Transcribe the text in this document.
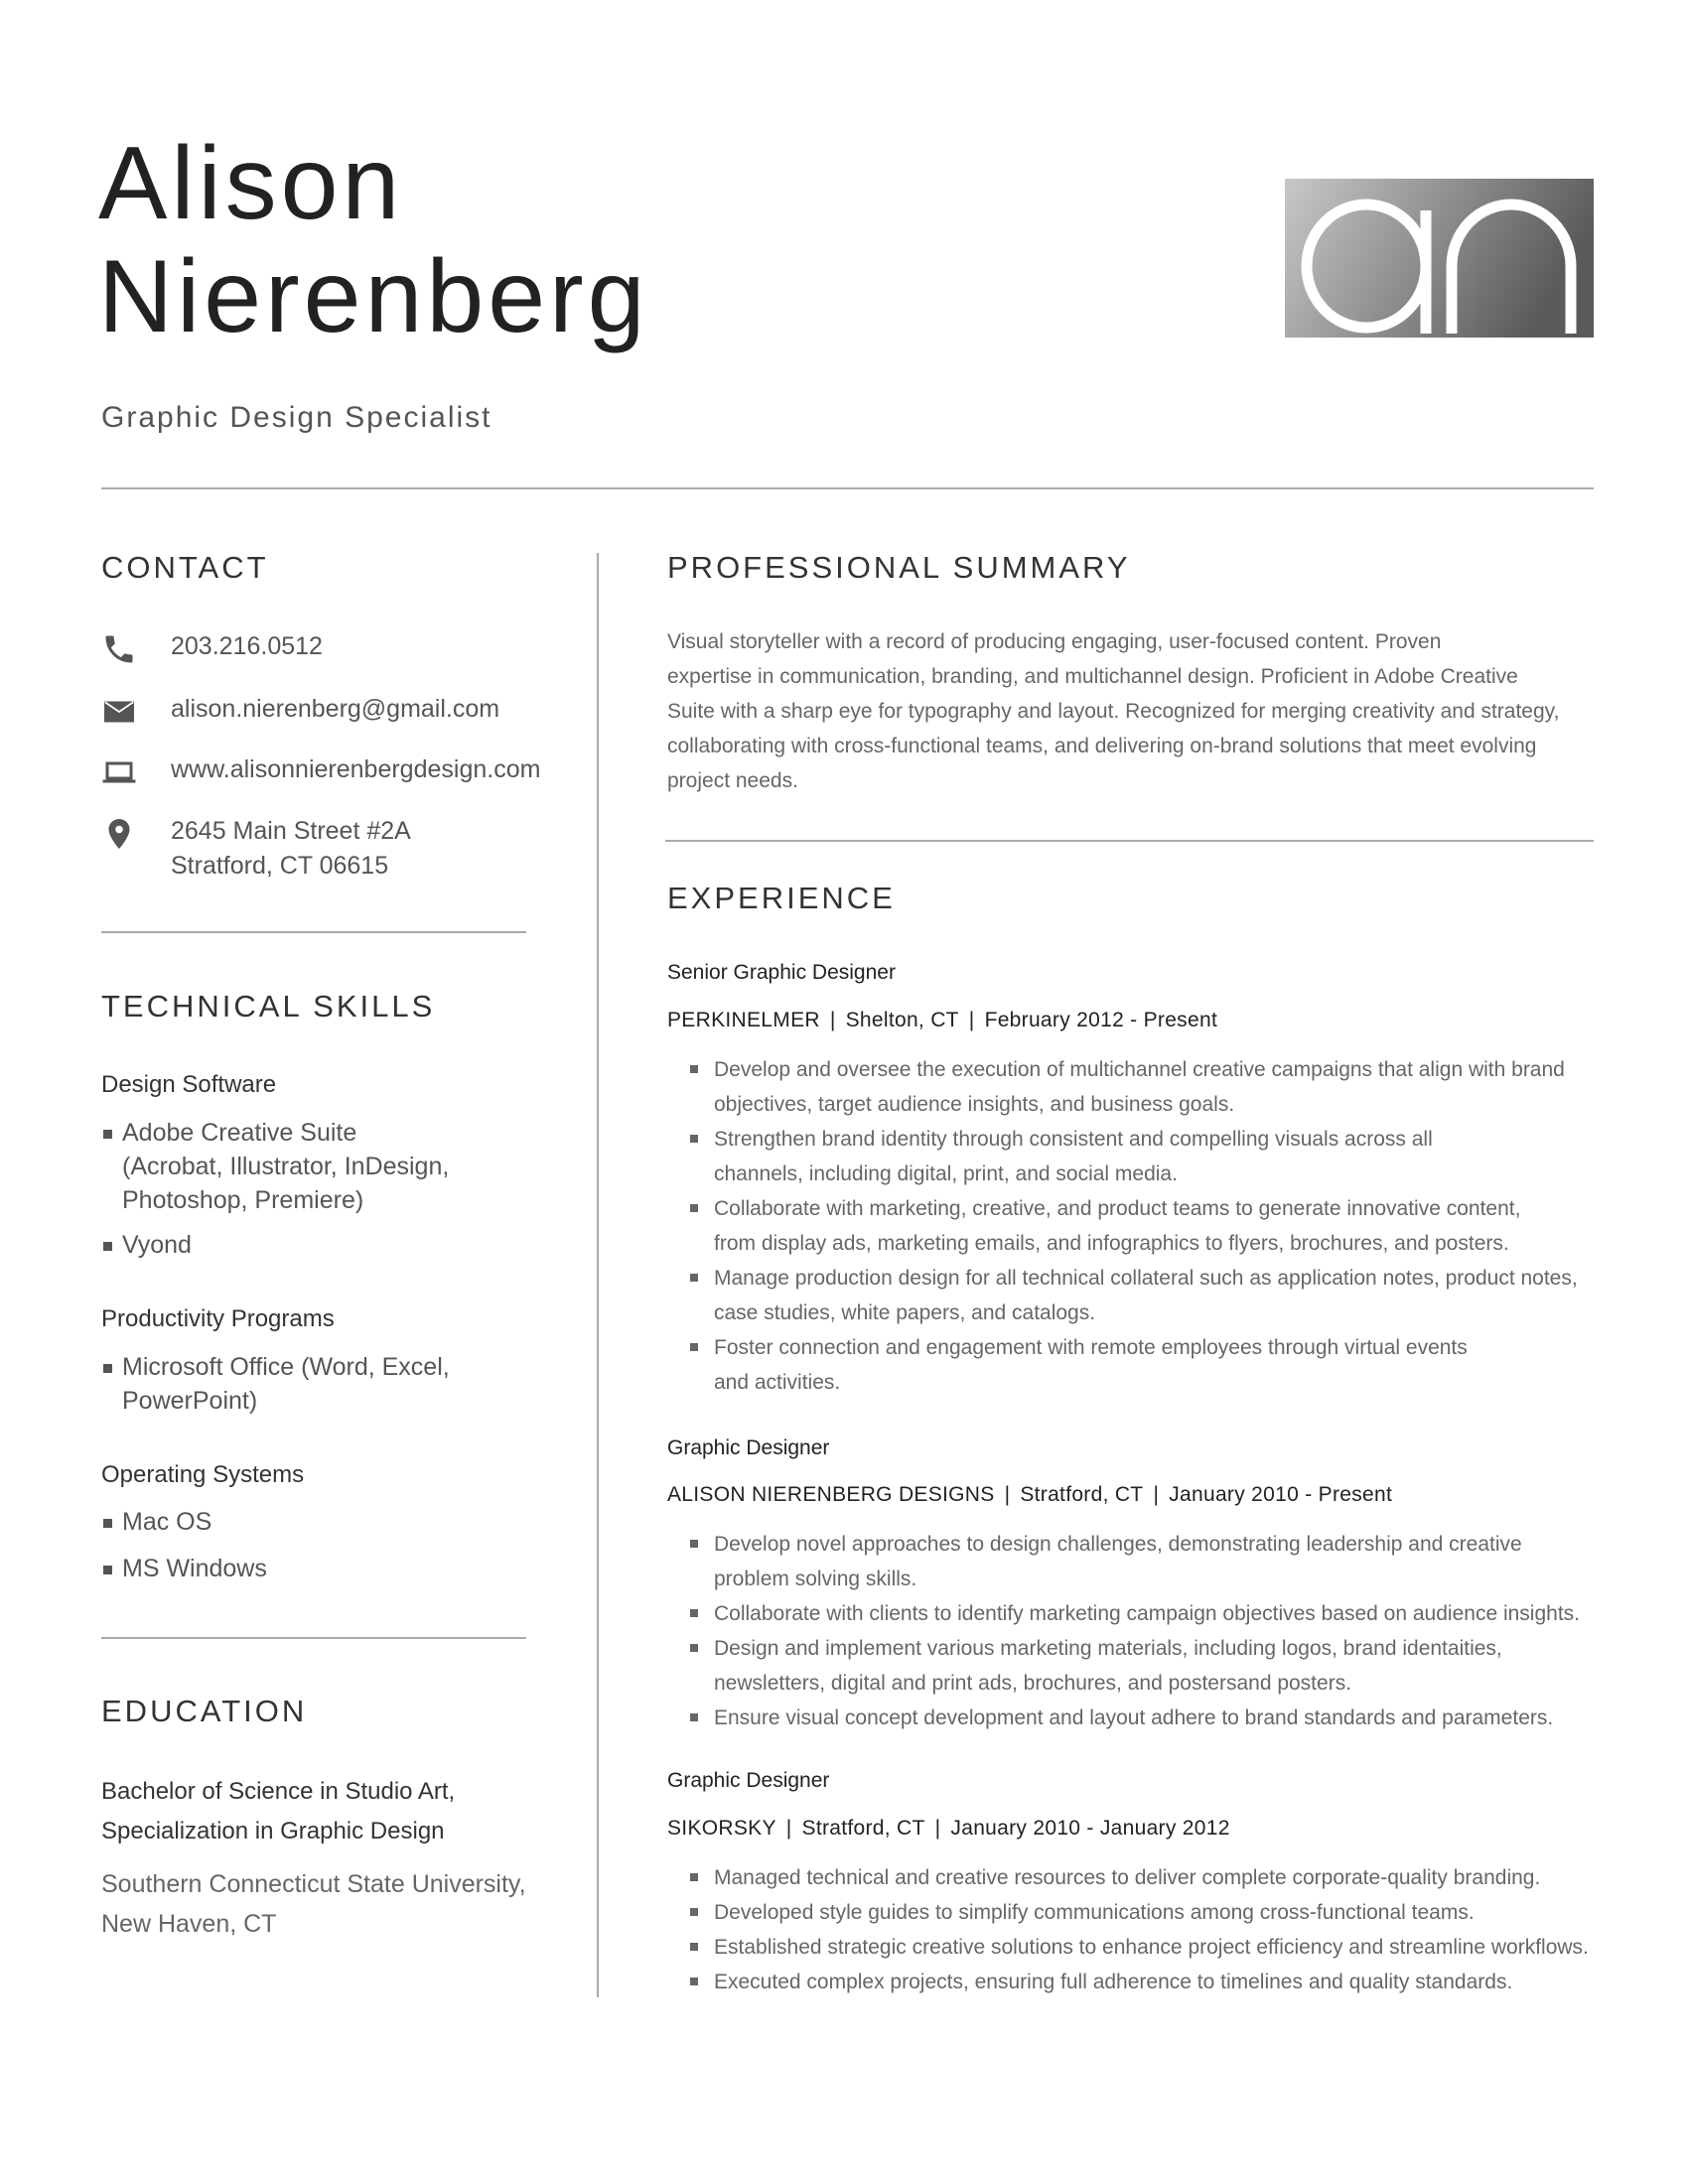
Alison
Nierenberg
Graphic Design Specialist
CONTACT
203.216.0512
alison.nierenberg@gmail.com
www.alisonnierenbergdesign.com
2645 Main Street #2A
Stratford, CT 06615
TECHNICAL SKILLS
Design Software
Adobe Creative Suite
(Acrobat, Illustrator, InDesign,
Photoshop, Premiere)
Vyond
Productivity Programs
Microsoft Office (Word, Excel,
PowerPoint)
Operating Systems
Mac OS
MS Windows
EDUCATION
Bachelor of Science in Studio Art,
Specialization in Graphic Design
Southern Connecticut State University,
New Haven, CT
PROFESSIONAL SUMMARY
Visual storyteller with a record of producing engaging, user-focused content. Proven
expertise in communication, branding, and multichannel design. Proficient in Adobe Creative
Suite with a sharp eye for typography and layout. Recognized for merging creativity and strategy,
collaborating with cross-functional teams, and delivering on-brand solutions that meet evolving
project needs.
EXPERIENCE
Senior Graphic Designer
PERKINELMER | Shelton, CT | February 2012 - Present
Develop and oversee the execution of multichannel creative campaigns that align with brand
objectives, target audience insights, and business goals.
Strengthen brand identity through consistent and compelling visuals across all
channels, including digital, print, and social media.
Collaborate with marketing, creative, and product teams to generate innovative content,
from display ads, marketing emails, and infographics to flyers, brochures, and posters.
Manage production design for all technical collateral such as application notes, product notes,
case studies, white papers, and catalogs.
Foster connection and engagement with remote employees through virtual events
and activities.
Graphic Designer
ALISON NIERENBERG DESIGNS | Stratford, CT | January 2010 - Present
Develop novel approaches to design challenges, demonstrating leadership and creative
problem solving skills.
Collaborate with clients to identify marketing campaign objectives based on audience insights.
Design and implement various marketing materials, including logos, brand identaities,
newsletters, digital and print ads, brochures, and postersand posters.
Ensure visual concept development and layout adhere to brand standards and parameters.
Graphic Designer
SIKORSKY | Stratford, CT | January 2010 - January 2012
Managed technical and creative resources to deliver complete corporate-quality branding.
Developed style guides to simplify communications among cross-functional teams.
Established strategic creative solutions to enhance project efficiency and streamline workflows.
Executed complex projects, ensuring full adherence to timelines and quality standards.
